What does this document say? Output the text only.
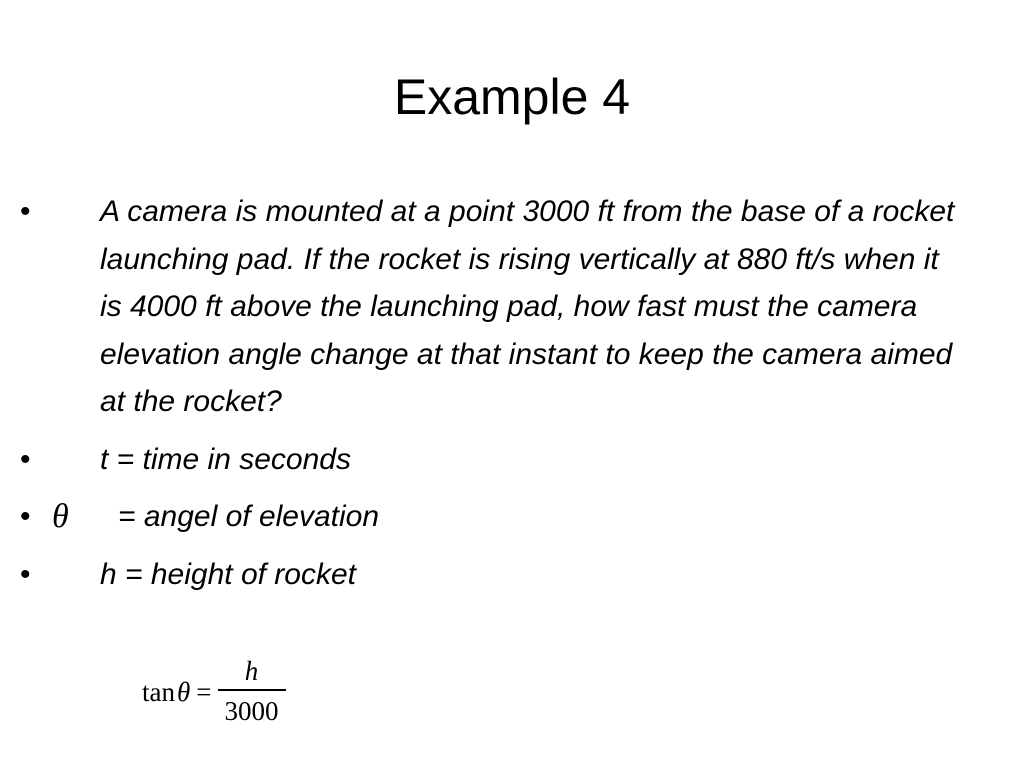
Example 4
• A camera is mounted at a point 3000 ft from the base of a rocket launching pad. If the rocket is rising vertically at 880 ft/s when it is 4000 ft above the launching pad, how fast must the camera elevation angle change at that instant to keep the camera aimed at the rocket?
• t = time in seconds
• θ = angel of elevation
• h = height of rocket
$\tan \theta = \frac{h}{3000}$
